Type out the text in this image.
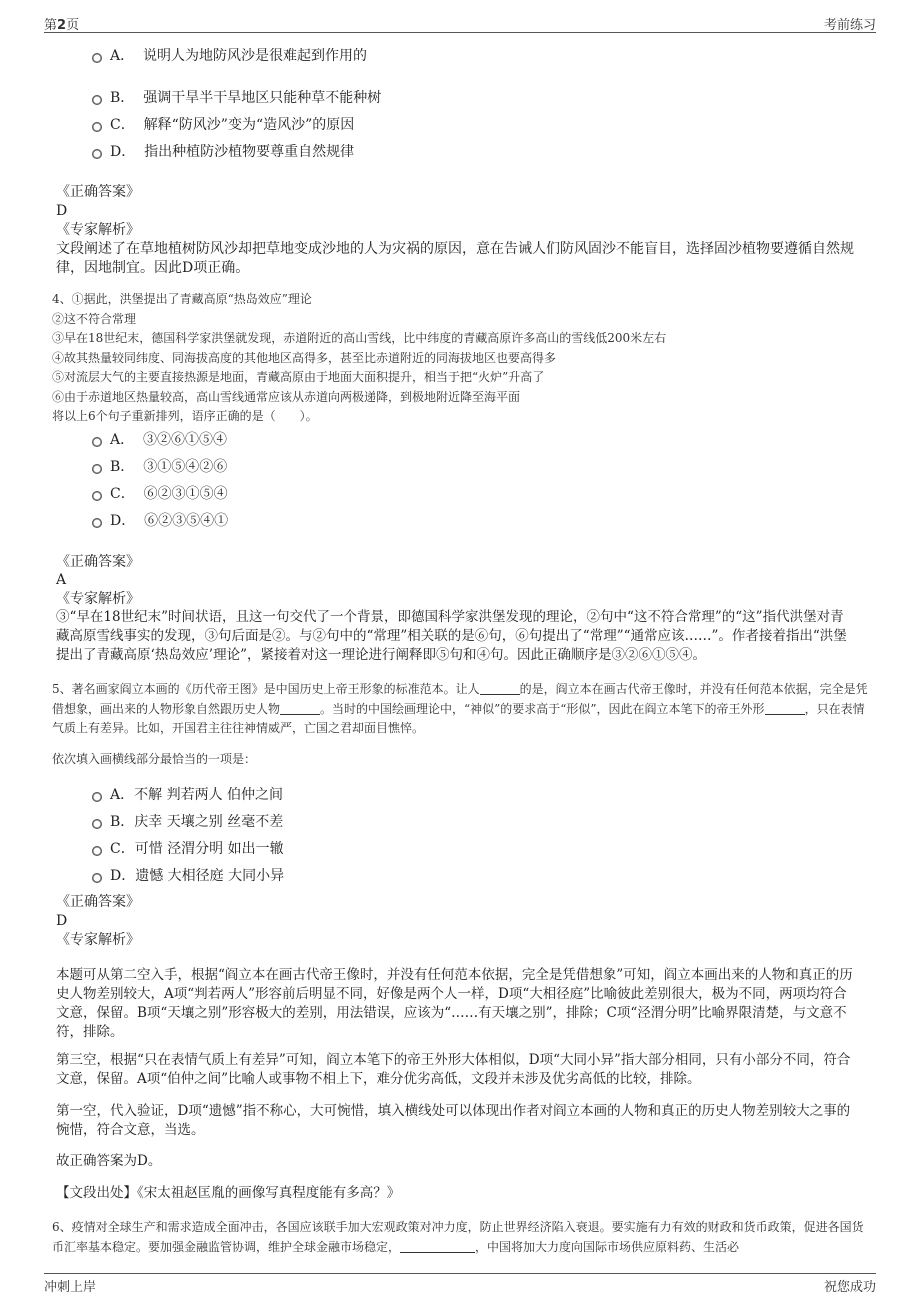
第2页	考前练习
A． 说明人为地防风沙是很难起到作用的
B． 强调干旱半干旱地区只能种草不能种树
C． 解释“防风沙”变为“造风沙”的原因
D． 指出种植防沙植物要尊重自然规律
《正确答案》
D
《专家解析》
文段阐述了在草地植树防风沙却把草地变成沙地的人为灾祸的原因，意在告诫人们防风固沙不能盲目，选择固沙植物要遵循自然规律，因地制宜。因此D项正确。
4、①据此，洪堡提出了青藏高原“热岛效应”理论
②这不符合常理
③早在18世纪末，德国科学家洪堡就发现，赤道附近的高山雪线，比中纬度的青藏高原许多高山的雪线低200米左右
④故其热量较同纬度、同海拔高度的其他地区高得多，甚至比赤道附近的同海拔地区也要高得多
⑤对流层大气的主要直接热源是地面，青藏高原由于地面大面积提升，相当于把“火炉”升高了
⑥由于赤道地区热量较高，高山雪线通常应该从赤道向两极递降，到极地附近降至海平面
将以上6个句子重新排列，语序正确的是（　　）。
A． ③②⑥①⑤④
B． ③①⑤④②⑥
C． ⑥②③①⑤④
D． ⑥②③⑤④①
《正确答案》
A
《专家解析》
③“早在18世纪末”时间状语，且这一句交代了一个背景，即德国科学家洪堡发现的理论，②句中“这不符合常理”的“这”指代洪堡对青藏高原雪线事实的发现，③句后面是②。与②句中的“常理”相关联的是⑥句，⑥句提出了“常理”“通常应该……”。作者接着指出“洪堡提出了青藏高原‘热岛效应’理论”，紧接着对这一理论进行阐释即⑤句和④句。因此正确顺序是③②⑥①⑤④。
5、著名画家阎立本画的《历代帝王图》是中国历史上帝王形象的标准范本。让人	的是，阎立本在画古代帝王像时，并没有任何范本依据，完全是凭借想象，画出来的人物形象自然跟历史人物	。当时的中国绘画理论中，“神似”的要求高于“形似”，因此在阎立本笔下的帝王外形	，只在表情气质上有差异。比如，开国君主往往神情威严，亡国之君却面目憔悴。
依次填入画横线部分最恰当的一项是：
A．不解 判若两人 伯仲之间
B．庆幸 天壤之别 丝毫不差
C．可惜 泾渭分明 如出一辙
D．遗憾 大相径庭 大同小异
《正确答案》
D
《专家解析》
本题可从第二空入手，根据“阎立本在画古代帝王像时，并没有任何范本依据，完全是凭借想象”可知，阎立本画出来的人物和真正的历史人物差别较大，A项“判若两人”形容前后明显不同，好像是两个人一样，D项“大相径庭”比喻彼此差别很大，极为不同，两项均符合文意，保留。B项“天壤之别”形容极大的差别，用法错误，应该为“……有天壤之别”，排除；C项“泾渭分明”比喻界限清楚，与文意不符，排除。
第三空，根据“只在表情气质上有差异”可知，阎立本笔下的帝王外形大体相似，D项“大同小异”指大部分相同，只有小部分不同，符合文意，保留。A项“伯仲之间”比喻人或事物不相上下，难分优劣高低，文段并未涉及优劣高低的比较，排除。
第一空，代入验证，D项“遗憾”指不称心，大可惋惜，填入横线处可以体现出作者对阎立本画的人物和真正的历史人物差别较大之事的惋惜，符合文意，当选。
故正确答案为D。
【文段出处】《宋太祖赵匡胤的画像写真程度能有多高？》
6、疫情对全球生产和需求造成全面冲击，各国应该联手加大宏观政策对冲力度，防止世界经济陷入衰退。要实施有力有效的财政和货币政策，促进各国货币汇率基本稳定。要加强金融监管协调，维护全球金融市场稳定，	，中国将加大力度向国际市场供应原料药、生活必
冲刺上岸	祝您成功
